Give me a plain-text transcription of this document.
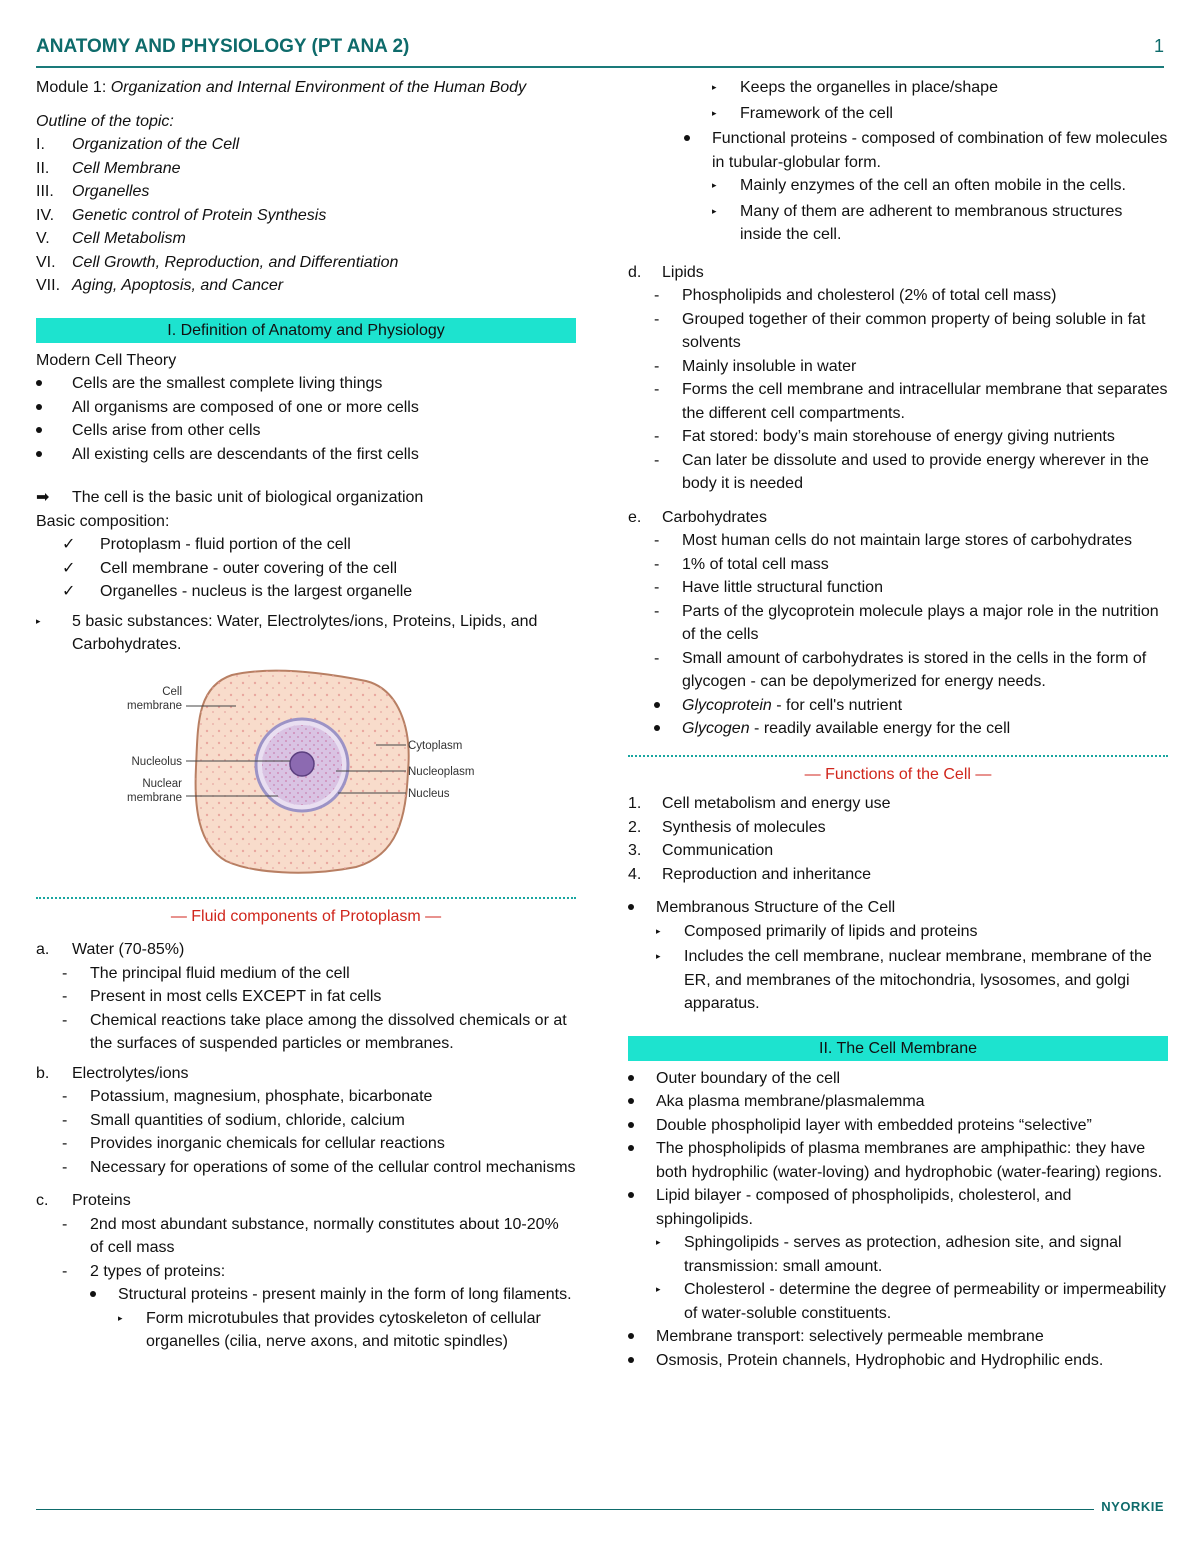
ANATOMY AND PHYSIOLOGY (PT ANA 2)	1

Module 1: Organization and Internal Environment of the Human Body

Outline of the topic:

I.	Organization of the Cell
II.	Cell Membrane
III.	Organelles
IV.	Genetic control of Protein Synthesis
V.	Cell Metabolism
VI.	Cell Growth, Reproduction, and Differentiation
VII. Aging, Apoptosis, and Cancer
I. Definition of Anatomy and Physiology

Modern Cell Theory

Cells are the smallest complete living things
All organisms are composed of one or more cells
Cells arise from other cells
All existing cells are descendants of the first cells
➡	The cell is the basic unit of biological organization

Basic composition:

✓	Protoplasm - fluid portion of the cell
✓	Cell membrane - outer covering of the cell
✓	Organelles - nucleus is the largest organelle
▸	5 basic substances: Water, Electrolytes/ions, Proteins, Lipids, and Carbohydrates.
Cell
membrane
Nucleolus
Nuclear
membrane
Cytoplasm
Nucleoplasm
Nucleus
— Fluid components of Protoplasm —
a.	Water (70-85%)
-	The principal fluid medium of the cell
-	Present in most cells EXCEPT in fat cells
-	Chemical reactions take place among the dissolved chemicals or at the surfaces of suspended particles or membranes.
b.	Electrolytes/ions
-	Potassium, magnesium, phosphate, bicarbonate
-	Small quantities of sodium, chloride, calcium
-	Provides inorganic chemicals for cellular reactions
-	Necessary for operations of some of the cellular control mechanisms
c.	Proteins
-	2nd most abundant substance, normally constitutes about 10-20% of cell mass
-	2 types of proteins:
Structural proteins - present mainly in the form of long filaments.
▸	Form microtubules that provides cytoskeleton of cellular organelles (cilia, nerve axons, and mitotic spindles)
▸	Keeps the organelles in place/shape
▸	Framework of the cell
Functional proteins - composed of combination of few molecules in tubular-globular form.
▸	Mainly enzymes of the cell an often mobile in the cells.
▸	Many of them are adherent to membranous structures inside the cell.
d.	Lipids
-	Phospholipids and cholesterol (2% of total cell mass)
-	Grouped together of their common property of being soluble in fat solvents
-	Mainly insoluble in water
-	Forms the cell membrane and intracellular membrane that separates the different cell compartments.
-	Fat stored: body’s main storehouse of energy giving nutrients
-	Can later be dissolute and used to provide energy wherever in the body it is needed
e.	Carbohydrates
-	Most human cells do not maintain large stores of carbohydrates
-	1% of total cell mass
-	Have little structural function
-	Parts of the glycoprotein molecule plays a major role in the nutrition of the cells
-	Small amount of carbohydrates is stored in the cells in the form of glycogen - can be depolymerized for energy needs.
Glycoprotein - for cell's nutrient
Glycogen - readily available energy for the cell
— Functions of the Cell —
1.	Cell metabolism and energy use
2.	Synthesis of molecules
3.	Communication
4.	Reproduction and inheritance
Membranous Structure of the Cell
▸	Composed primarily of lipids and proteins
▸	Includes the cell membrane, nuclear membrane, membrane of the ER, and membranes of the mitochondria, lysosomes, and golgi apparatus.
II. The Cell Membrane
Outer boundary of the cell
Aka plasma membrane/plasmalemma
Double phospholipid layer with embedded proteins “selective”
The phospholipids of plasma membranes are amphipathic: they have both hydrophilic (water-loving) and hydrophobic (water-fearing) regions.
Lipid bilayer - composed of phospholipids, cholesterol, and sphingolipids.
▸	Sphingolipids - serves as protection, adhesion site, and signal transmission: small amount.
▸	Cholesterol - determine the degree of permeability or impermeability of water-soluble constituents.
Membrane transport: selectively permeable membrane
Osmosis, Protein channels, Hydrophobic and Hydrophilic ends.
NYORKIE
